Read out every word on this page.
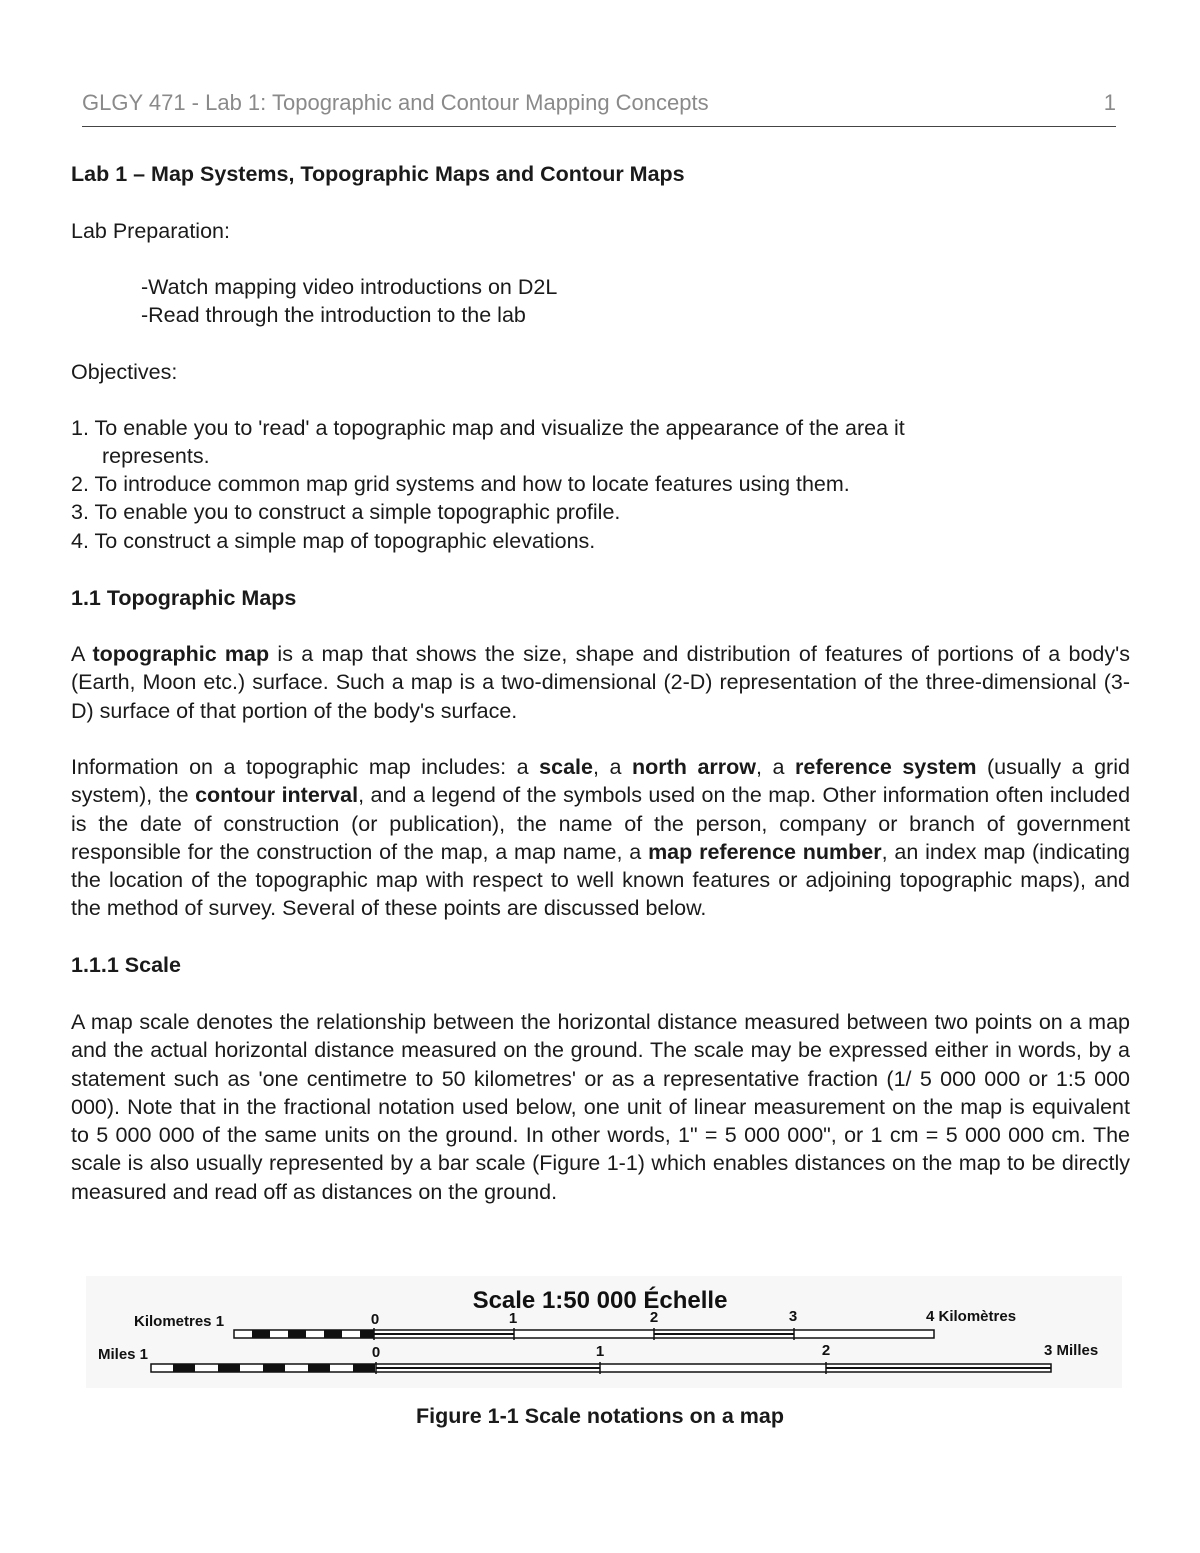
GLGY 471 - Lab 1: Topographic and Contour Mapping Concepts	1
Lab 1 – Map Systems, Topographic Maps and Contour Maps
Lab Preparation:
-Watch mapping video introductions on D2L
-Read through the introduction to the lab
Objectives:
1. To enable you to 'read' a topographic map and visualize the appearance of the area it
represents.
2. To introduce common map grid systems and how to locate features using them.
3. To enable you to construct a simple topographic profile.
4. To construct a simple map of topographic elevations.
1.1 Topographic Maps
A topographic map is a map that shows the size, shape and distribution of features of portions of a body's (Earth, Moon etc.) surface. Such a map is a two-dimensional (2-D) representation of the three-dimensional (3-D) surface of that portion of the body's surface.
Information on a topographic map includes: a scale, a north arrow, a reference system (usually a grid system), the contour interval, and a legend of the symbols used on the map. Other information often included is the date of construction (or publication), the name of the person, company or branch of government responsible for the construction of the map, a map name, a map reference number, an index map (indicating the location of the topographic map with respect to well known features or adjoining topographic maps), and the method of survey. Several of these points are discussed below.
1.1.1 Scale
A map scale denotes the relationship between the horizontal distance measured between two points on a map and the actual horizontal distance measured on the ground. The scale may be expressed either in words, by a statement such as 'one centimetre to 50 kilometres' or as a representative fraction (1/ 5 000 000 or 1:5 000 000). Note that in the fractional notation used below, one unit of linear measurement on the map is equivalent to 5 000 000 of the same units on the ground. In other words, 1" = 5 000 000", or 1 cm = 5 000 000 cm. The scale is also usually represented by a bar scale (Figure 1-1) which enables distances on the map to be directly measured and read off as distances on the ground.
Scale 1:50 000 Échelle
Kilometres 1	0	1	2	3	4 Kilomètres
Miles 1	0	1	2	3 Milles
Figure 1-1 Scale notations on a map
